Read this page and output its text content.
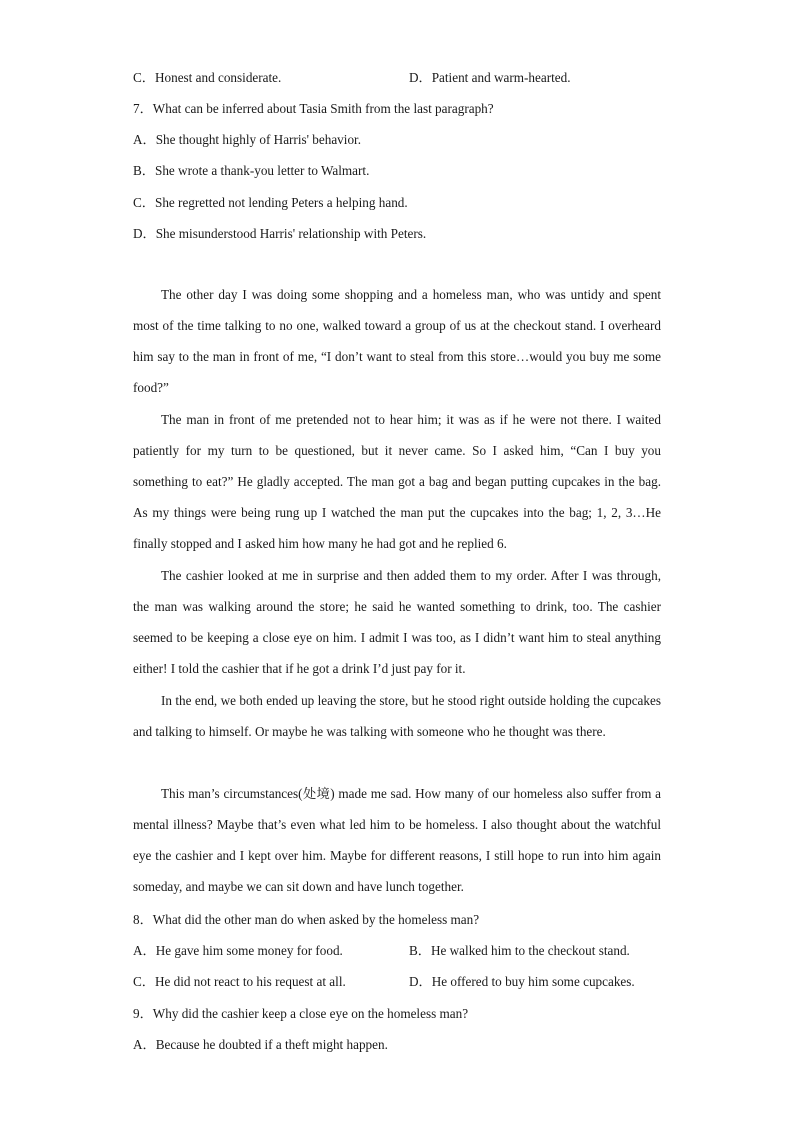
C．Honest and considerate.	D．Patient and warm-hearted.
7．What can be inferred about Tasia Smith from the last paragraph?
A．She thought highly of Harris' behavior.
B．She wrote a thank-you letter to Walmart.
C．She regretted not lending Peters a helping hand.
D．She misunderstood Harris' relationship with Peters.
The other day I was doing some shopping and a homeless man, who was untidy and spent most of the time talking to no one, walked toward a group of us at the checkout stand. I overheard him say to the man in front of me, “I don’t want to steal from this store…would you buy me some food?”
The man in front of me pretended not to hear him; it was as if he were not there. I waited patiently for my turn to be questioned, but it never came. So I asked him, “Can I buy you something to eat?” He gladly accepted. The man got a bag and began putting cupcakes in the bag. As my things were being rung up I watched the man put the cupcakes into the bag; 1, 2, 3…He finally stopped and I asked him how many he had got and he replied 6.
The cashier looked at me in surprise and then added them to my order. After I was through, the man was walking around the store; he said he wanted something to drink, too. The cashier seemed to be keeping a close eye on him. I admit I was too, as I didn’t want him to steal anything either! I told the cashier that if he got a drink I’d just pay for it.
In the end, we both ended up leaving the store, but he stood right outside holding the cupcakes and talking to himself. Or maybe he was talking with someone who he thought was there.
This man’s circumstances(处境) made me sad. How many of our homeless also suffer from a mental illness? Maybe that’s even what led him to be homeless. I also thought about the watchful eye the cashier and I kept over him. Maybe for different reasons, I still hope to run into him again someday, and maybe we can sit down and have lunch together.
8．What did the other man do when asked by the homeless man?
A．He gave him some money for food.	B．He walked him to the checkout stand.
C．He did not react to his request at all.	D．He offered to buy him some cupcakes.
9．Why did the cashier keep a close eye on the homeless man?
A．Because he doubted if a theft might happen.
